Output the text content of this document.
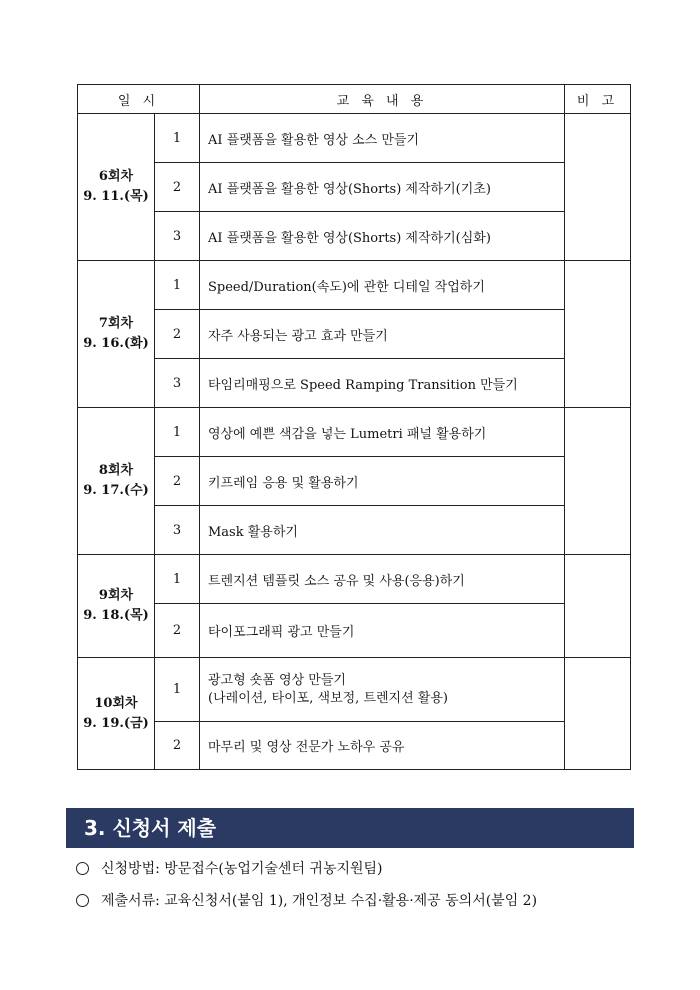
일 시		교 육 내 용	비 고

6회차
9. 11.(목)	1	AI 플랫폼을 활용한 영상 소스 만들기	
	2	AI 플랫폼을 활용한 영상(Shorts) 제작하기(기초)	
	3	AI 플랫폼을 활용한 영상(Shorts) 제작하기(심화)	

7회차
9. 16.(화)	1	Speed/Duration(속도)에 관한 디테일 작업하기	
	2	자주 사용되는 광고 효과 만들기	
	3	타임리매핑으로 Speed Ramping Transition 만들기	

8회차
9. 17.(수)	1	영상에 예쁜 색감을 넣는 Lumetri 패널 활용하기	
	2	키프레임 응용 및 활용하기	
	3	Mask 활용하기	

9회차
9. 18.(목)	1	트렌지션 템플릿 소스 공유 및 사용(응용)하기	
	2	타이포그래픽 광고 만들기	

10회차
9. 19.(금)	1	광고형 숏폼 영상 만들기
(나레이션, 타이포, 색보정, 트렌지션 활용)	

	2	마무리 및 영상 전문가 노하우 공유	
3. 신청서 제출
신청방법: 방문접수(농업기술센터 귀농지원팀)
제출서류: 교육신청서(붙임 1), 개인정보 수집·활용·제공 동의서(붙임 2)
